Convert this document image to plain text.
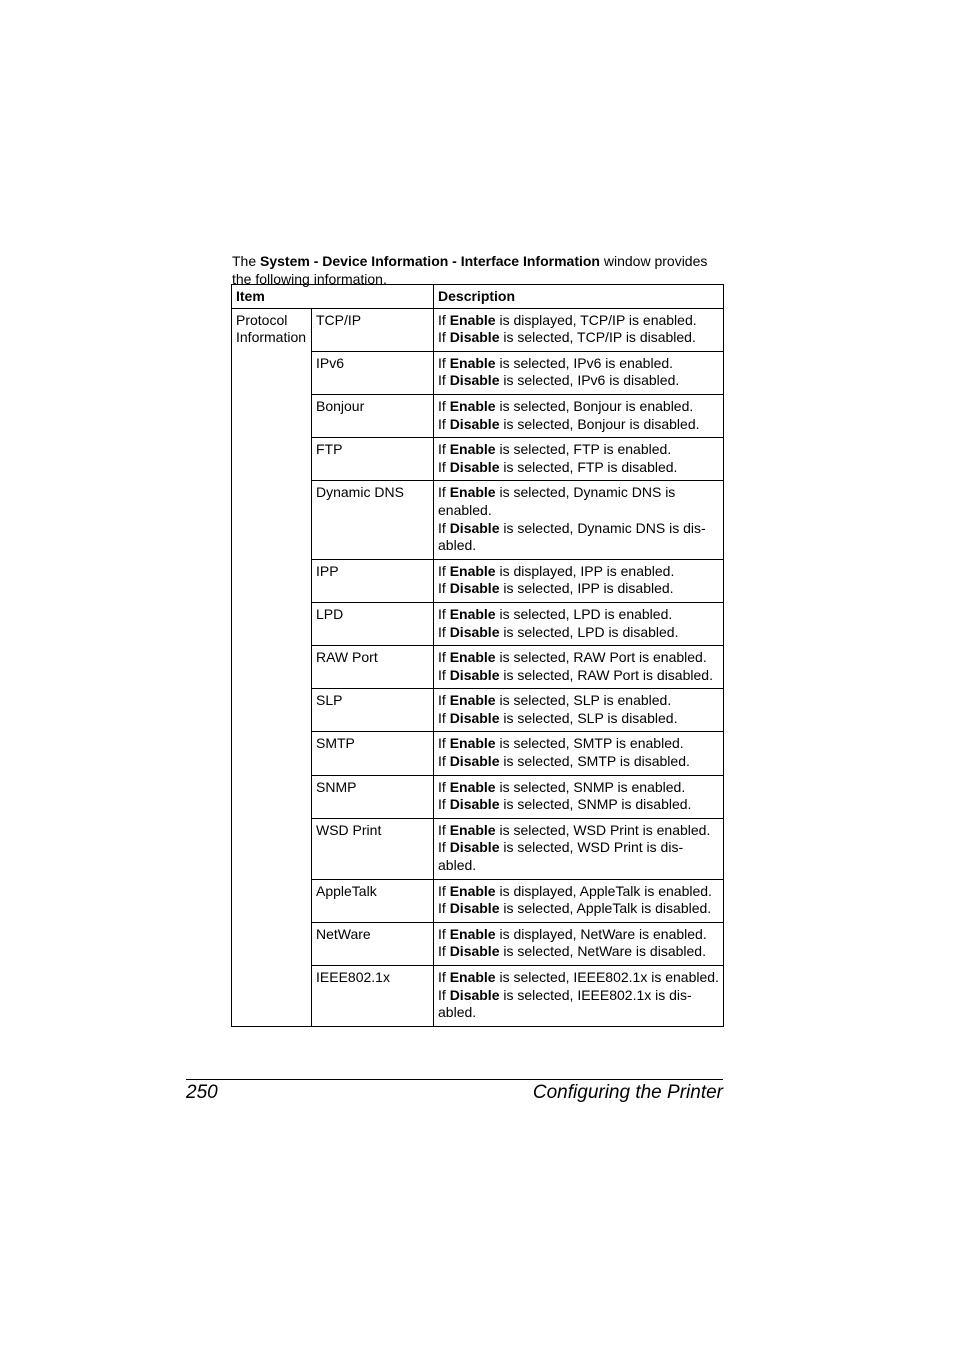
The System - Device Information - Interface Information window provides the following information.

Item		Description
Protocol Information	TCP/IP	If Enable is displayed, TCP/IP is enabled.
If Disable is selected, TCP/IP is disabled.

	IPv6	If Enable is selected, IPv6 is enabled.
If Disable is selected, IPv6 is disabled.

	Bonjour	If Enable is selected, Bonjour is enabled.
If Disable is selected, Bonjour is disabled.

	FTP	If Enable is selected, FTP is enabled.
If Disable is selected, FTP is disabled.

	Dynamic DNS	If Enable is selected, Dynamic DNS is enabled.
If Disable is selected, Dynamic DNS is dis-abled.

	IPP	If Enable is displayed, IPP is enabled.
If Disable is selected, IPP is disabled.

	LPD	If Enable is selected, LPD is enabled.
If Disable is selected, LPD is disabled.

	RAW Port	If Enable is selected, RAW Port is enabled.
If Disable is selected, RAW Port is disabled.

	SLP	If Enable is selected, SLP is enabled.
If Disable is selected, SLP is disabled.

	SMTP	If Enable is selected, SMTP is enabled.
If Disable is selected, SMTP is disabled.

	SNMP	If Enable is selected, SNMP is enabled.
If Disable is selected, SNMP is disabled.

	WSD Print	If Enable is selected, WSD Print is enabled.
If Disable is selected, WSD Print is dis-abled.

	AppleTalk	If Enable is displayed, AppleTalk is enabled.
If Disable is selected, AppleTalk is disabled.

	NetWare	If Enable is displayed, NetWare is enabled.
If Disable is selected, NetWare is disabled.

	IEEE802.1x	If Enable is selected, IEEE802.1x is enabled.
If Disable is selected, IEEE802.1x is dis-abled.
250	Configuring the Printer
